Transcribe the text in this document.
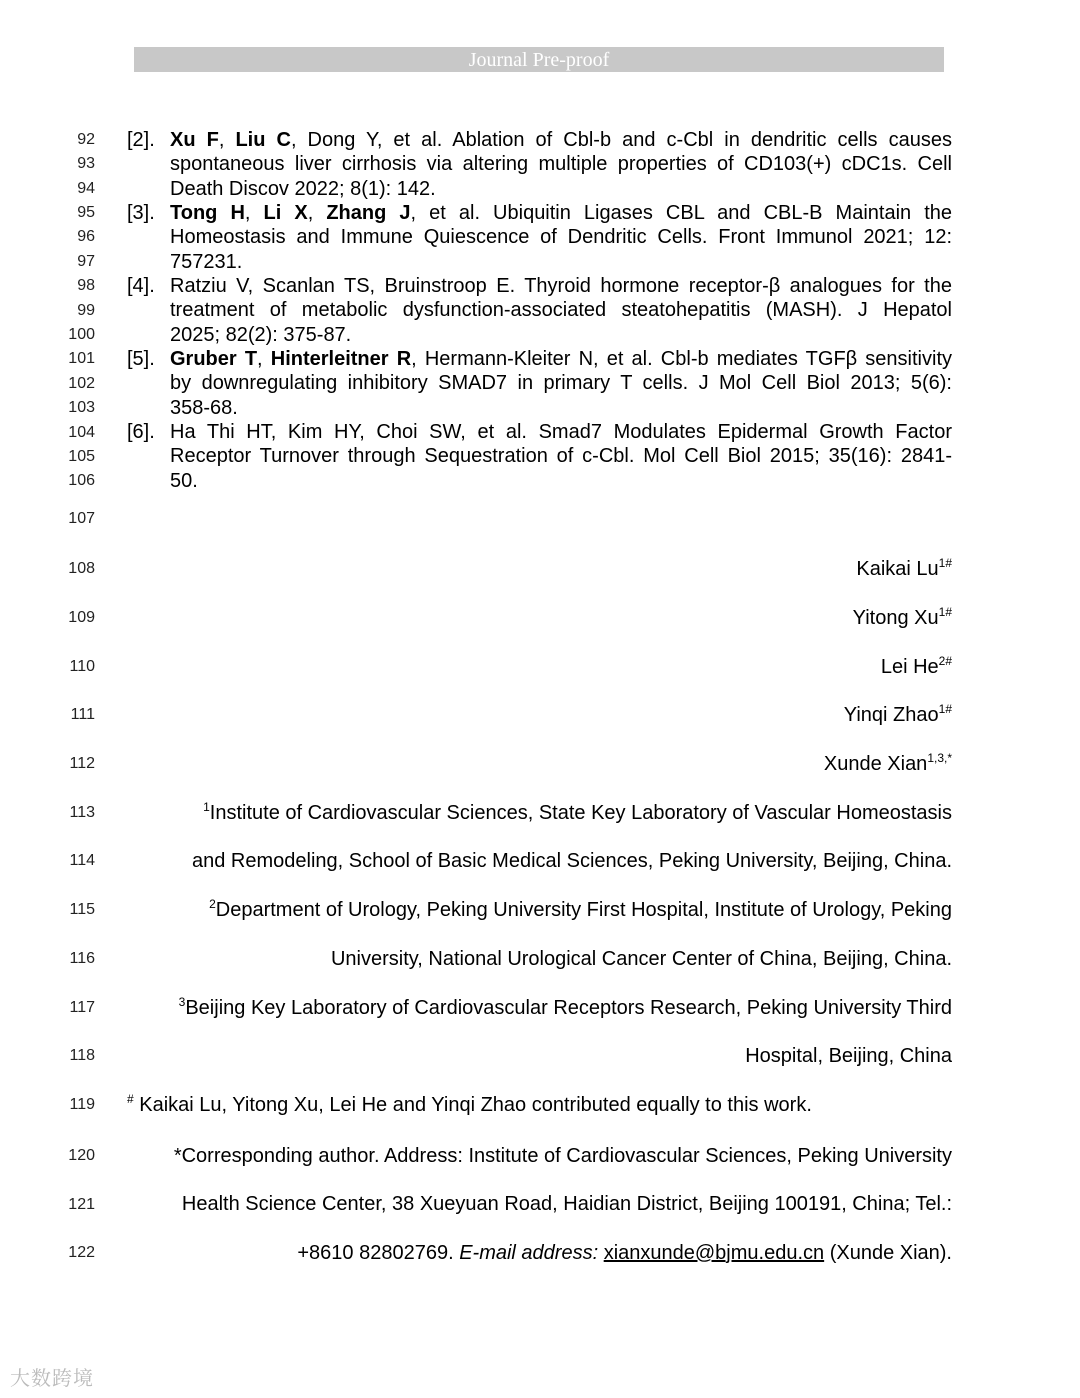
Journal Pre-proof
92
93
94
95
96
97
98
99
100
101
102
103
104
105
106
107
108
109
110
111
112
113
114
115
116
117
118
119
120
121
122
[2]. Xu F, Liu C, Dong Y, et al. Ablation of Cbl-b and c-Cbl in dendritic cells causes
spontaneous liver cirrhosis via altering multiple properties of CD103(+) cDC1s. Cell
Death Discov 2022; 8(1): 142.
[3]. Tong H, Li X, Zhang J, et al. Ubiquitin Ligases CBL and CBL-B Maintain the
Homeostasis and Immune Quiescence of Dendritic Cells. Front Immunol 2021; 12:
757231.
[4]. Ratziu V, Scanlan TS, Bruinstroop E. Thyroid hormone receptor-β analogues for the
treatment of metabolic dysfunction-associated steatohepatitis (MASH). J Hepatol
2025; 82(2): 375-87.
[5]. Gruber T, Hinterleitner R, Hermann-Kleiter N, et al. Cbl-b mediates TGFβ sensitivity
by downregulating inhibitory SMAD7 in primary T cells. J Mol Cell Biol 2013; 5(6):
358-68.
[6]. Ha Thi HT, Kim HY, Choi SW, et al. Smad7 Modulates Epidermal Growth Factor
Receptor Turnover through Sequestration of c-Cbl. Mol Cell Biol 2015; 35(16): 2841-
50.
Kaikai $Lu^{1\#}$
Yitong $Xu^{1\#}$
Lei $He^{2\#}$
Yinqi Zhao$^{1\#}$
Xunde Xian$^{1,3,*}$
$^1$Institute of Cardiovascular Sciences, State Key Laboratory of Vascular Homeostasis
and Remodeling, School of Basic Medical Sciences, Peking University, Beijing, China.
$^2$Department of Urology, Peking University First Hospital, Institute of Urology, Peking
University, National Urological Cancer Center of China, Beijing, China.
$^3$Beijing Key Laboratory of Cardiovascular Receptors Research, Peking University Third
Hospital, Beijing, China
# Kaikai Lu, Yitong Xu, Lei He and Yinqi Zhao contributed equally to this work.
*Corresponding author. Address: Institute of Cardiovascular Sciences, Peking University
Health Science Center, 38 Xueyuan Road, Haidian District, Beijing 100191, China; Tel.:
+8610 82802769. E-mail address: xianxunde@bjmu.edu.cn (Xunde Xian).
大数跨境
